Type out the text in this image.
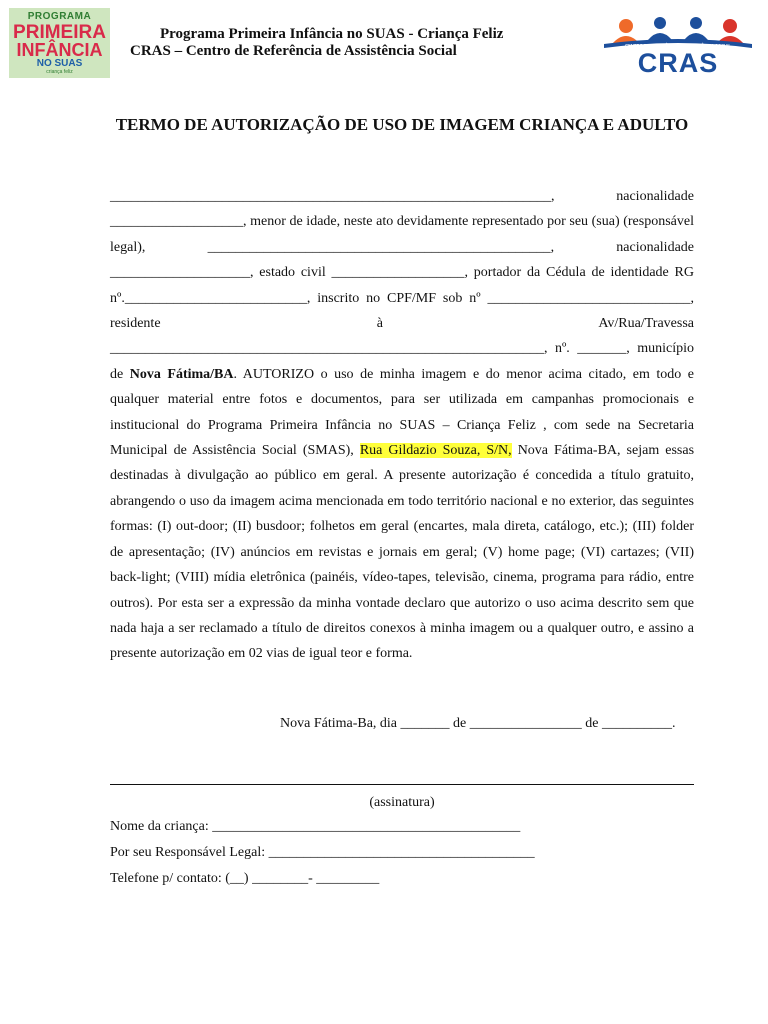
PROGRAMA
PRIMEIRA
INFÂNCIA
NO SUAS
criança feliz
Programa Primeira Infância no SUAS - Criança Feliz
CRAS – Centro de Referência de Assistência Social	CENTRO DE REFERÊNCIA DE ASSISTÊNCIA SOCIAL
CRAS
TERMO DE AUTORIZAÇÃO DE USO DE IMAGEM CRIANÇA E ADULTO

_______________________________________________________________, nacionalidade ___________________, menor de idade, neste ato devidamente representado por seu (sua) (responsável legal), _________________________________________________, nacionalidade ____________________, estado civil ___________________, portador da Cédula de identidade RG nº.__________________________, inscrito no CPF/MF sob nº _____________________________, residente à Av/Rua/Travessa ______________________________________________________________, nº. _______, município de Nova Fátima/BA. AUTORIZO o uso de minha imagem e do menor acima citado, em todo e qualquer material entre fotos e documentos, para ser utilizada em campanhas promocionais e institucional do Programa Primeira Infância no SUAS – Criança Feliz , com sede na Secretaria Municipal de Assistência Social (SMAS), Rua Gildazio Souza, S/N, Nova Fátima-BA, sejam essas destinadas à divulgação ao público em geral. A presente autorização é concedida a título gratuito, abrangendo o uso da imagem acima mencionada em todo território nacional e no exterior, das seguintes formas: (I) out-door; (II) busdoor; folhetos em geral (encartes, mala direta, catálogo, etc.); (III) folder de apresentação; (IV) anúncios em revistas e jornais em geral; (V) home page; (VI) cartazes; (VII) back-light; (VIII) mídia eletrônica (painéis, vídeo-tapes, televisão, cinema, programa para rádio, entre outros). Por esta ser a expressão da minha vontade declaro que autorizo o uso acima descrito sem que nada haja a ser reclamado a título de direitos conexos à minha imagem ou a qualquer outro, e assino a presente autorização em 02 vias de igual teor e forma.

Nova Fátima-Ba, dia _______ de ________________ de __________.
(assinatura)
Nome da criança: ____________________________________________
Por seu Responsável Legal: ______________________________________
Telefone p/ contato: (__) ________- _________
